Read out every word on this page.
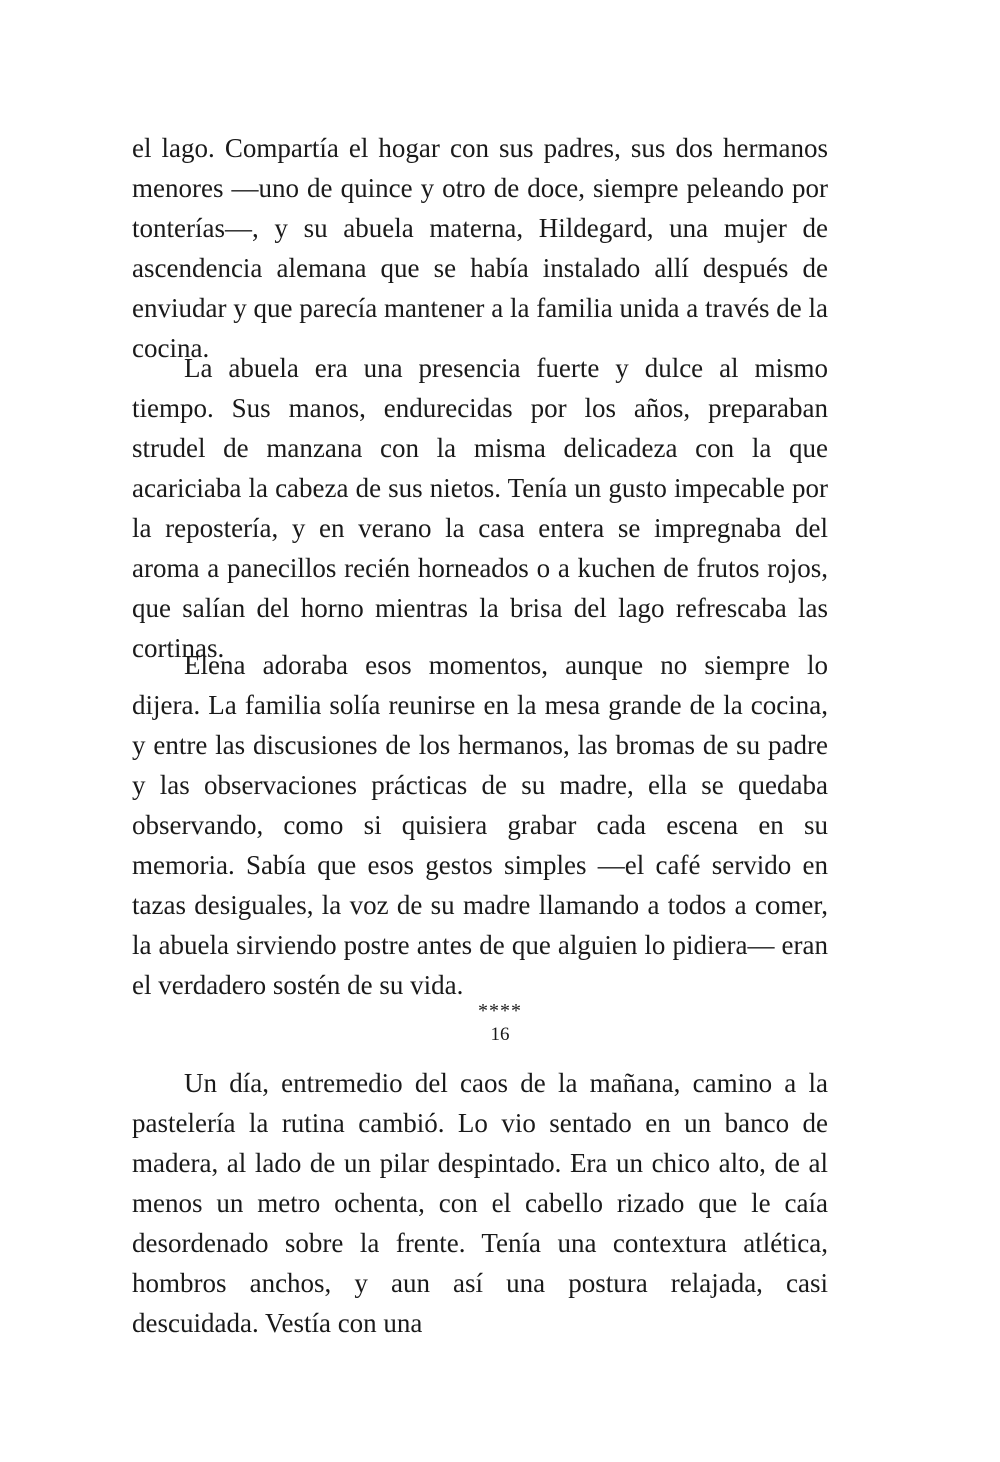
el lago. Compartía el hogar con sus padres, sus dos hermanos menores —uno de quince y otro de doce, siempre peleando por tonterías—, y su abuela materna, Hildegard, una mujer de ascendencia alemana que se había instalado allí después de enviudar y que parecía mantener a la familia unida a través de la cocina.

La abuela era una presencia fuerte y dulce al mismo tiempo. Sus manos, endurecidas por los años, preparaban strudel de manzana con la misma delicadeza con la que acariciaba la cabeza de sus nietos. Tenía un gusto impecable por la repostería, y en verano la casa entera se impregnaba del aroma a panecillos recién horneados o a kuchen de frutos rojos, que salían del horno mientras la brisa del lago refrescaba las cortinas.

Elena adoraba esos momentos, aunque no siempre lo dijera. La familia solía reunirse en la mesa grande de la cocina, y entre las discusiones de los hermanos, las bromas de su padre y las observaciones prácticas de su madre, ella se quedaba observando, como si quisiera grabar cada escena en su memoria. Sabía que esos gestos simples —el café servido en tazas desiguales, la voz de su madre llamando a todos a comer, la abuela sirviendo postre antes de que alguien lo pidiera— eran el verdadero sostén de su vida.

****

Un día, entremedio del caos de la mañana, camino a la pastelería la rutina cambió. Lo vio sentado en un banco de madera, al lado de un pilar despintado. Era un chico alto, de al menos un metro ochenta, con el cabello rizado que le caía desordenado sobre la frente. Tenía una contextura atlética, hombros anchos, y aun así una postura relajada, casi descuidada. Vestía con una

16
